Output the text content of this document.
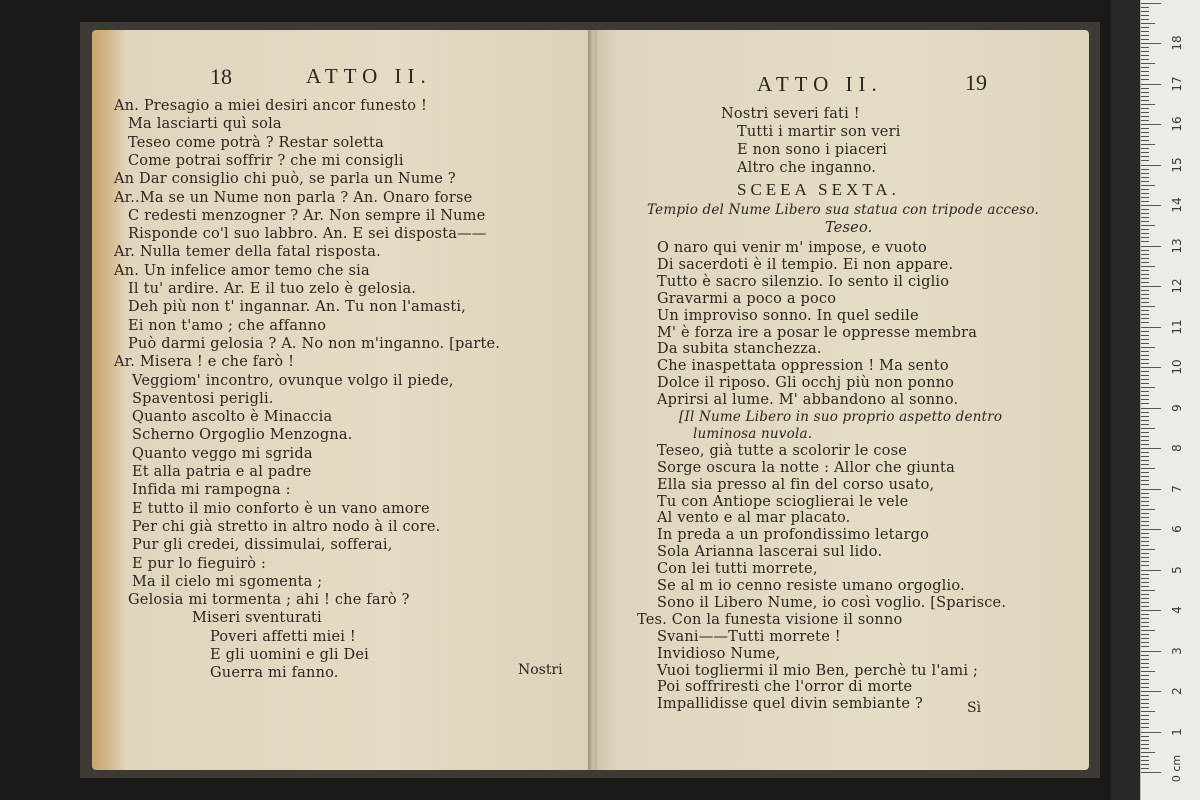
18	ATTO II.
An. Presagio a miei desiri ancor funesto !
Ma lasciarti quì sola
Teseo come potrà ? Restar soletta
Come potrai soffrir ? che mi consigli
An Dar consiglio chi può, se parla un Nume ?
Ar..Ma se un Nume non parla ? An. Onaro forse
C redesti menzogner ? Ar. Non sempre il Nume
Risponde co'l suo labbro. An. E sei disposta——
Ar. Nulla temer della fatal risposta.
An. Un infelice amor temo che sia
Il tu' ardire. Ar. E il tuo zelo è gelosia.
Deh più non t' ingannar. An. Tu non l'amasti,
Ei non t'amo ; che affanno
Può darmi gelosia ? A. No non m'inganno. [parte.
Ar. Misera ! e che farò !
Veggiom' incontro, ovunque volgo il piede,
Spaventosi perigli.
Quanto ascolto è Minaccia
Scherno Orgoglio Menzogna.
Quanto veggo mi sgrida
Et alla patria e al padre
Infida mi rampogna :
E tutto il mio conforto è un vano amore
Per chi già stretto in altro nodo à il core.
Pur gli credei, dissimulai, sofferai,
E pur lo fieguirò :
Ma il cielo mi sgomenta ;
Gelosia mi tormenta ; ahi ! che farò ?
Miseri sventurati
Poveri affetti miei !
E gli uomini e gli Dei
Guerra mi fanno.	Nostri
ATTO II.	19
Nostri severi fati !
Tutti i martir son veri
E non sono i piaceri
Altro che inganno.
SCEEA SEXTA.
Tempio del Nume Libero sua statua con tripode acceso.
Teseo.
O naro qui venir m' impose, e vuoto
Di sacerdoti è il tempio. Ei non appare.
Tutto è sacro silenzio. Io sento il ciglio
Gravarmi a poco a poco
Un improviso sonno. In quel sedile
M' è forza ire a posar le oppresse membra
Da subita stanchezza.
Che inaspettata oppression ! Ma sento
Dolce il riposo. Gli occhj più non ponno
Aprirsi al lume. M' abbandono al sonno.
[Il Nume Libero in suo proprio aspetto dentro
luminosa nuvola.
Teseo, già tutte a scolorir le cose
Sorge oscura la notte : Allor che giunta
Ella sia presso al fin del corso usato,
Tu con Antiope scioglierai le vele
Al vento e al mar placato.
In preda a un profondissimo letargo
Sola Arianna lascerai sul lido.
Con lei tutti morrete,
Se al m io cenno resiste umano orgoglio.
Sono il Libero Nume, io così voglio. [Sparisce.
Tes. Con la funesta visione il sonno
Svani——Tutti morrete !
Invidioso Nume,
Vuoi togliermi il mio Ben, perchè tu l'ami ;
Poi soffriresti che l'orror di morte
Impallidisse quel divin sembiante ?	Sì
1
2
3
4
5
6
7
8
9
10
11
12
13
14
15
16
17
18
0 cm
